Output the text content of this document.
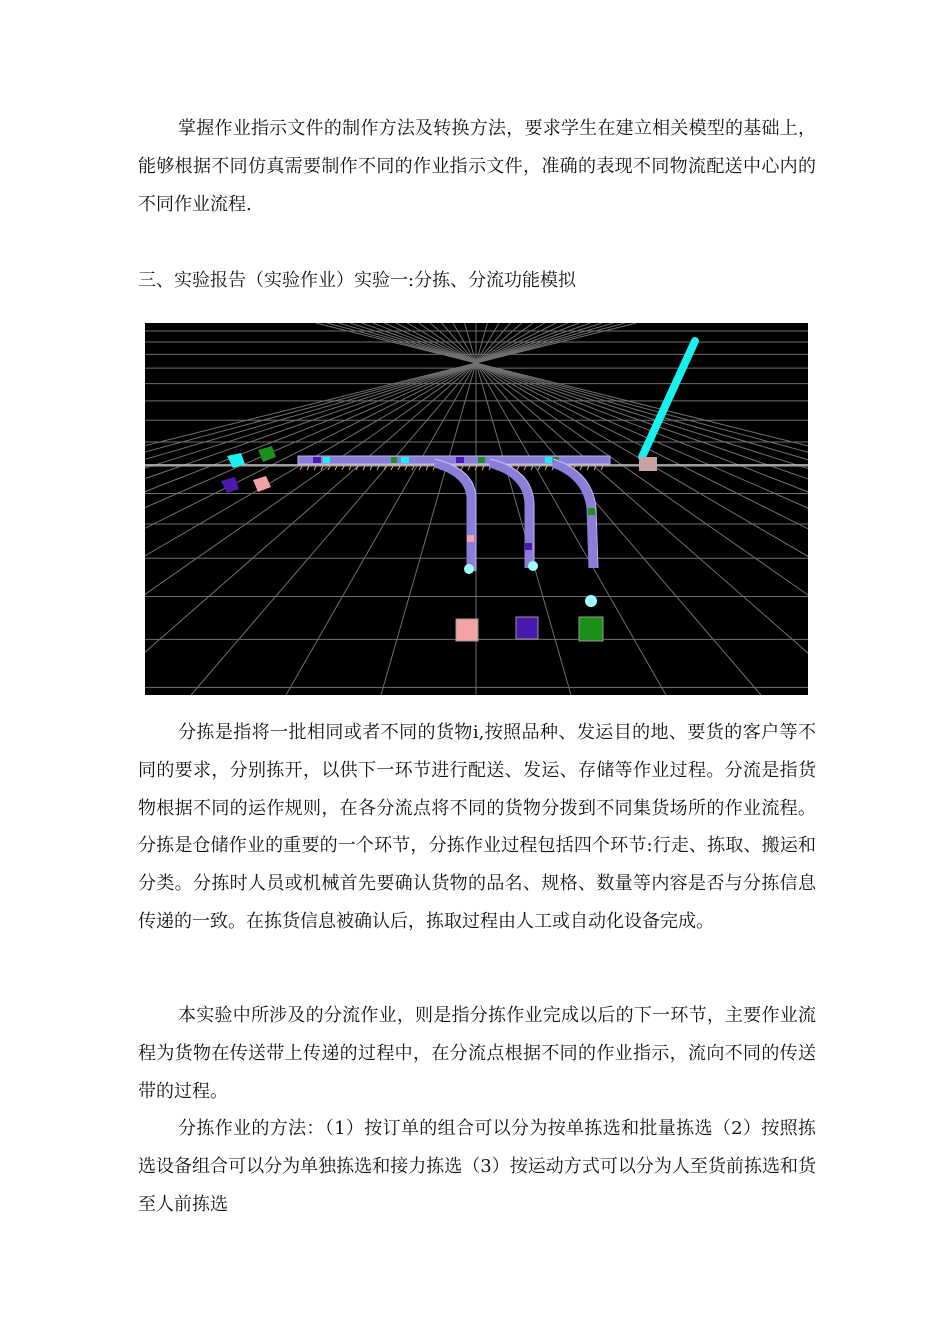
掌握作业指示文件的制作方法及转换方法，要求学生在建立相关模型的基础上，能够根据不同仿真需要制作不同的作业指示文件，准确的表现不同物流配送中心内的不同作业流程.

三、实验报告（实验作业）实验一:分拣、分流功能模拟

分拣是指将一批相同或者不同的货物i,按照品种、发运目的地、要货的客户等不同的要求，分别拣开，以供下一环节进行配送、发运、存储等作业过程。分流是指货物根据不同的运作规则，在各分流点将不同的货物分拨到不同集货场所的作业流程。分拣是仓储作业的重要的一个环节，分拣作业过程包括四个环节:行走、拣取、搬运和分类。分拣时人员或机械首先要确认货物的品名、规格、数量等内容是否与分拣信息传递的一致。在拣货信息被确认后，拣取过程由人工或自动化设备完成。

本实验中所涉及的分流作业，则是指分拣作业完成以后的下一环节，主要作业流程为货物在传送带上传递的过程中，在分流点根据不同的作业指示，流向不同的传送带的过程。

分拣作业的方法：（1）按订单的组合可以分为按单拣选和批量拣选（2）按照拣选设备组合可以分为单独拣选和接力拣选（3）按运动方式可以分为人至货前拣选和货至人前拣选
